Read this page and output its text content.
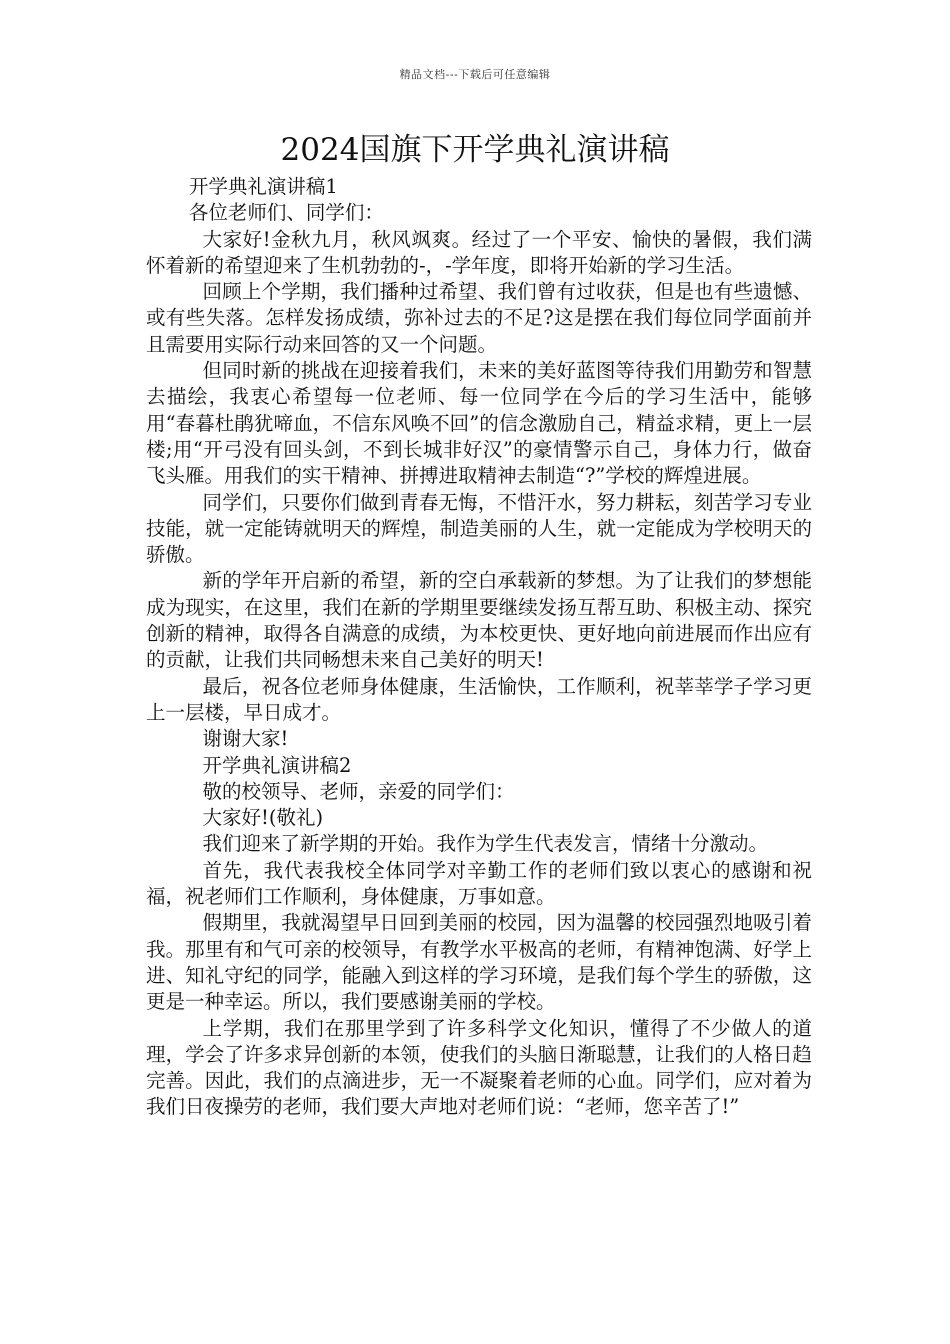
精品文档---下载后可任意编辑
2024国旗下开学典礼演讲稿

开学典礼演讲稿1

各位老师们、同学们：

大家好!金秋九月，秋风飒爽。经过了一个平安、愉快的暑假，我们满怀着新的希望迎来了生机勃勃的-，-学年度，即将开始新的学习生活。

回顾上个学期，我们播种过希望、我们曾有过收获，但是也有些遗憾、或有些失落。怎样发扬成绩，弥补过去的不足?这是摆在我们每位同学面前并且需要用实际行动来回答的又一个问题。

但同时新的挑战在迎接着我们，未来的美好蓝图等待我们用勤劳和智慧去描绘，我衷心希望每一位老师、每一位同学在今后的学习生活中，能够用“春暮杜鹃犹啼血，不信东风唤不回”的信念激励自己，精益求精，更上一层楼;用“开弓没有回头剑，不到长城非好汉”的豪情警示自己，身体力行，做奋飞头雁。用我们的实干精神、拼搏进取精神去制造“?”学校的辉煌进展。

同学们，只要你们做到青春无悔，不惜汗水，努力耕耘，刻苦学习专业技能，就一定能铸就明天的辉煌，制造美丽的人生，就一定能成为学校明天的骄傲。

新的学年开启新的希望，新的空白承载新的梦想。为了让我们的梦想能成为现实，在这里，我们在新的学期里要继续发扬互帮互助、积极主动、探究创新的精神，取得各自满意的成绩，为本校更快、更好地向前进展而作出应有的贡献，让我们共同畅想未来自己美好的明天!

最后，祝各位老师身体健康，生活愉快，工作顺利，祝莘莘学子学习更上一层楼，早日成才。

谢谢大家!

开学典礼演讲稿2

敬的校领导、老师，亲爱的同学们：

大家好!(敬礼)

我们迎来了新学期的开始。我作为学生代表发言，情绪十分激动。

首先，我代表我校全体同学对辛勤工作的老师们致以衷心的感谢和祝福，祝老师们工作顺利，身体健康，万事如意。

假期里，我就渴望早日回到美丽的校园，因为温馨的校园强烈地吸引着我。那里有和气可亲的校领导，有教学水平极高的老师，有精神饱满、好学上进、知礼守纪的同学，能融入到这样的学习环境，是我们每个学生的骄傲，这更是一种幸运。所以，我们要感谢美丽的学校。

上学期，我们在那里学到了许多科学文化知识，懂得了不少做人的道理，学会了许多求异创新的本领，使我们的头脑日渐聪慧，让我们的人格日趋完善。因此，我们的点滴进步，无一不凝聚着老师的心血。同学们，应对着为我们日夜操劳的老师，我们要大声地对老师们说：“老师，您辛苦了!”
